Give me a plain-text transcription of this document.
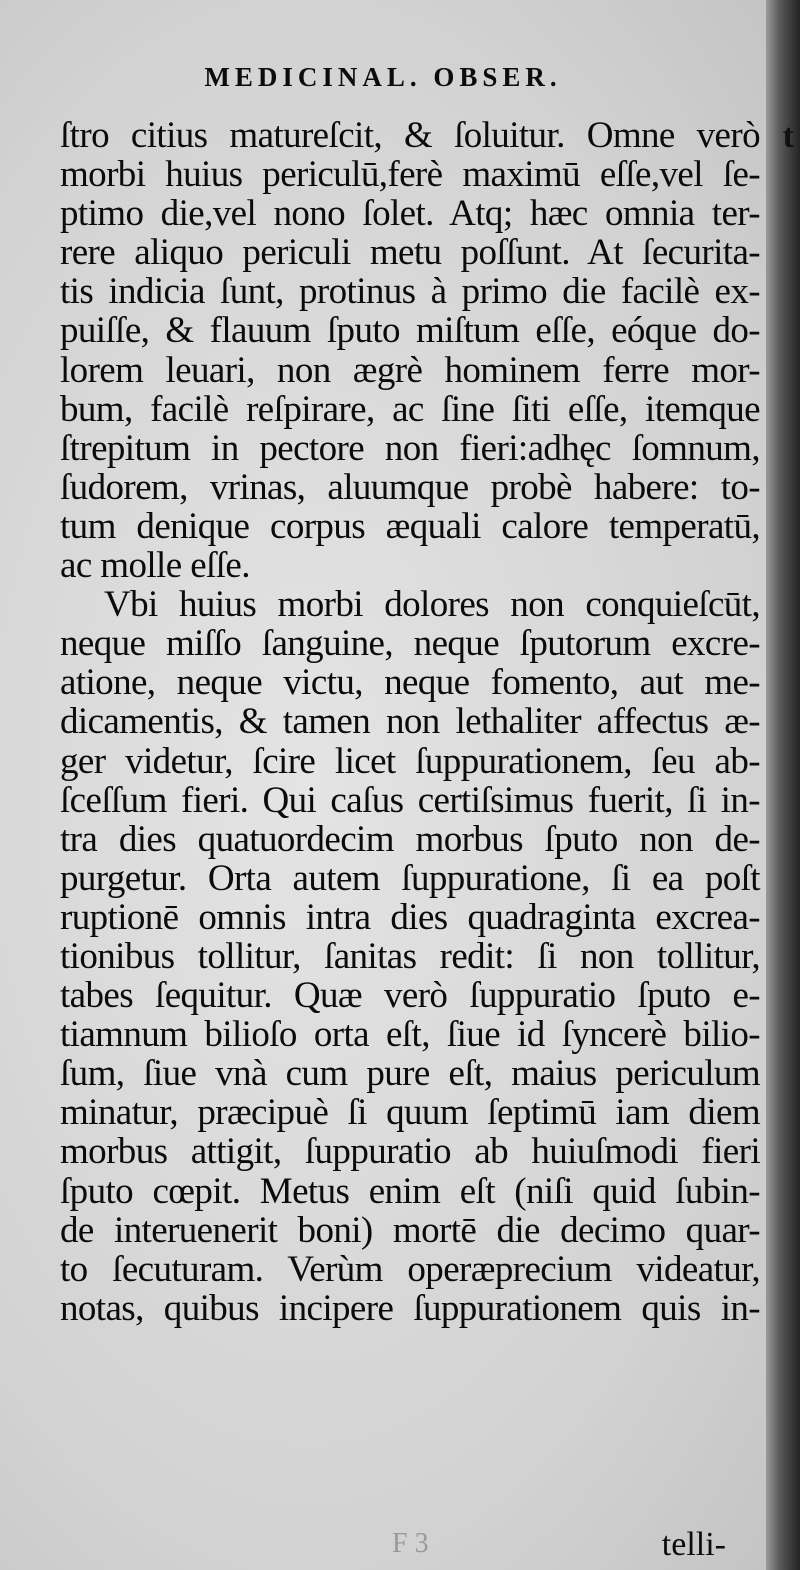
MEDICINAL. OBSER.
ſtro citius matureſcit, & ſoluitur. Omne verò
morbi huius periculū,ferè maximū eſſe,vel ſe-
ptimo die,vel nono ſolet. Atq; hæc omnia ter-
rere aliquo periculi metu poſſunt. At ſecurita-
tis indicia ſunt, protinus à primo die facilè ex-
puiſſe, & flauum ſputo miſtum eſſe, eóque do-
lorem leuari, non ægrè hominem ferre mor-
bum, facilè reſpirare, ac ſine ſiti eſſe, itemque
ſtrepitum in pectore non fieri:adhęc ſomnum,
ſudorem, vrinas, aluumque probè habere: to-
tum denique corpus æquali calore temperatū,
ac molle eſſe.
Vbi huius morbi dolores non conquieſcūt,
neque miſſo ſanguine, neque ſputorum excre-
atione, neque victu, neque fomento, aut me-
dicamentis, & tamen non lethaliter affectus æ-
ger videtur, ſcire licet ſuppurationem, ſeu ab-
ſceſſum fieri. Qui caſus certiſsimus fuerit, ſi in-
tra dies quatuordecim morbus ſputo non de-
purgetur. Orta autem ſuppuratione, ſi ea poſt
ruptionē omnis intra dies quadraginta excrea-
tionibus tollitur, ſanitas redit: ſi non tollitur,
tabes ſequitur. Quæ verò ſuppuratio ſputo e-
tiamnum bilioſo orta eſt, ſiue id ſyncerè bilio-
ſum, ſiue vnà cum pure eſt, maius periculum
minatur, præcipuè ſi quum ſeptimū iam diem
morbus attigit, ſuppuratio ab huiuſmodi fieri
ſputo cœpit. Metus enim eſt (niſi quid ſubin-
de interuenerit boni) mortē die decimo quar-
to ſecuturam. Verùm operæprecium videatur,
notas, quibus incipere ſuppurationem quis in-
F 3	telli-
t
